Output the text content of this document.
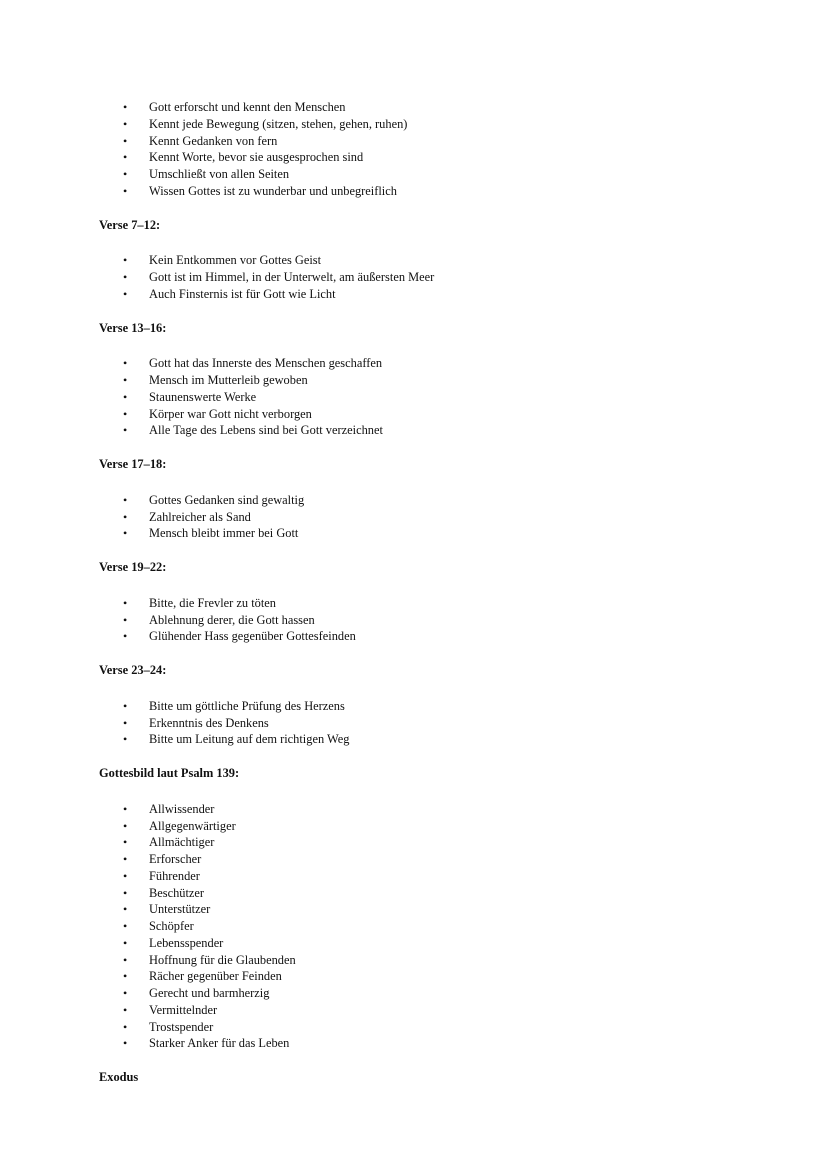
• Gott erforscht und kennt den Menschen
• Kennt jede Bewegung (sitzen, stehen, gehen, ruhen)
• Kennt Gedanken von fern
• Kennt Worte, bevor sie ausgesprochen sind
• Umschließt von allen Seiten
• Wissen Gottes ist zu wunderbar und unbegreiflich
Verse 7–12:
• Kein Entkommen vor Gottes Geist
• Gott ist im Himmel, in der Unterwelt, am äußersten Meer
• Auch Finsternis ist für Gott wie Licht
Verse 13–16:
• Gott hat das Innerste des Menschen geschaffen
• Mensch im Mutterleib gewoben
• Staunenswerte Werke
• Körper war Gott nicht verborgen
• Alle Tage des Lebens sind bei Gott verzeichnet
Verse 17–18:
• Gottes Gedanken sind gewaltig
• Zahlreicher als Sand
• Mensch bleibt immer bei Gott
Verse 19–22:
• Bitte, die Frevler zu töten
• Ablehnung derer, die Gott hassen
• Glühender Hass gegenüber Gottesfeinden
Verse 23–24:
• Bitte um göttliche Prüfung des Herzens
• Erkenntnis des Denkens
• Bitte um Leitung auf dem richtigen Weg
Gottesbild laut Psalm 139:
• Allwissender
• Allgegenwärtiger
• Allmächtiger
• Erforscher
• Führender
• Beschützer
• Unterstützer
• Schöpfer
• Lebensspender
• Hoffnung für die Glaubenden
• Rächer gegenüber Feinden
• Gerecht und barmherzig
• Vermittelnder
• Trostspender
• Starker Anker für das Leben
Exodus
